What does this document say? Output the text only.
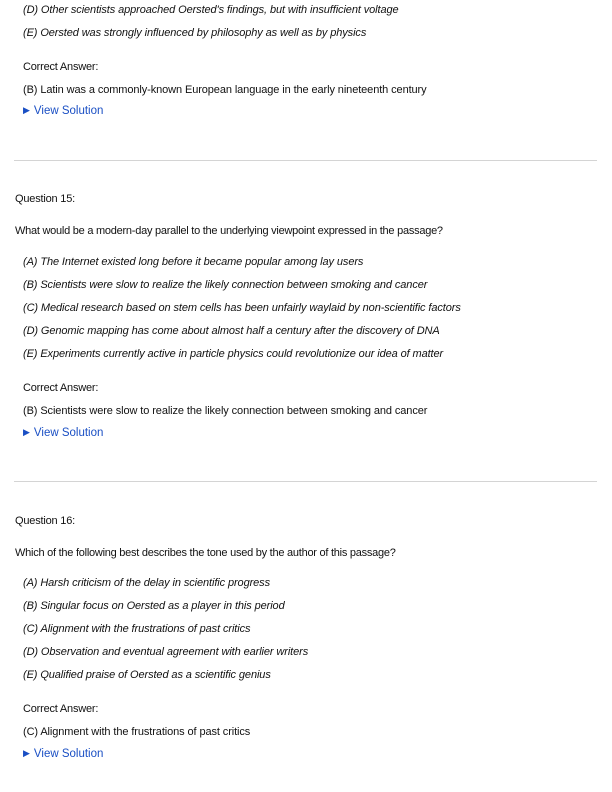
(D) Other scientists approached Oersted's findings, but with insufficient voltage
(E) Oersted was strongly influenced by philosophy as well as by physics
Correct Answer:
(B) Latin was a commonly-known European language in the early nineteenth century
▶ View Solution
Question 15:
What would be a modern-day parallel to the underlying viewpoint expressed in the passage?
(A) The Internet existed long before it became popular among lay users
(B) Scientists were slow to realize the likely connection between smoking and cancer
(C) Medical research based on stem cells has been unfairly waylaid by non-scientific factors
(D) Genomic mapping has come about almost half a century after the discovery of DNA
(E) Experiments currently active in particle physics could revolutionize our idea of matter
Correct Answer:
(B) Scientists were slow to realize the likely connection between smoking and cancer
▶ View Solution
Question 16:
Which of the following best describes the tone used by the author of this passage?
(A) Harsh criticism of the delay in scientific progress
(B) Singular focus on Oersted as a player in this period
(C) Alignment with the frustrations of past critics
(D) Observation and eventual agreement with earlier writers
(E) Qualified praise of Oersted as a scientific genius
Correct Answer:
(C) Alignment with the frustrations of past critics
▶ View Solution
